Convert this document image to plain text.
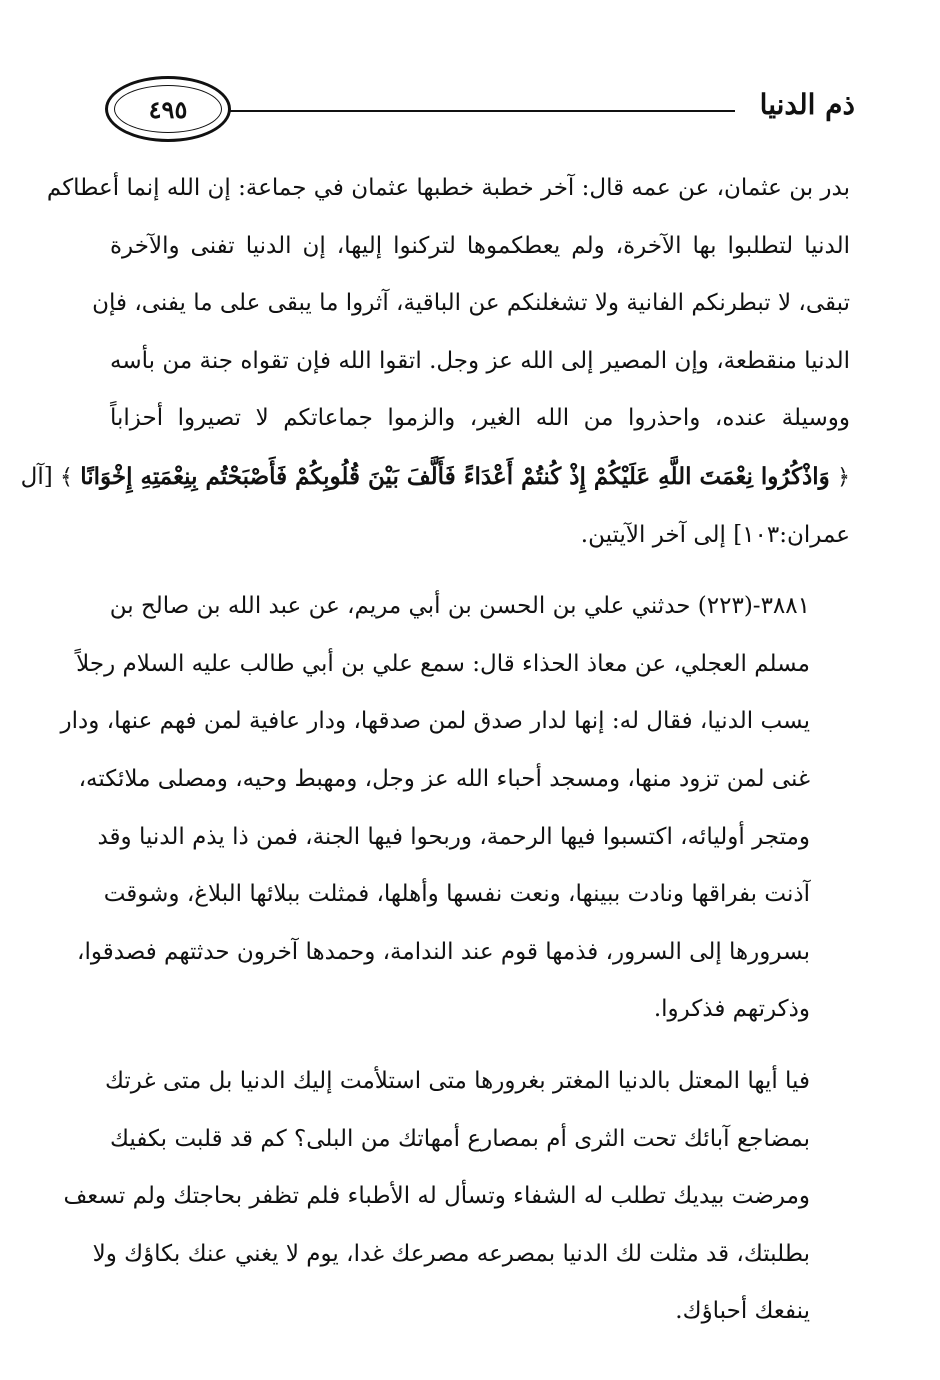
٤٩٥	ذم الدنيا

بدر بن عثمان، عن عمه قال: آخر خطبة خطبها عثمان في جماعة: إن الله إنما أعطاكم
الدنيا لتطلبوا بها الآخرة، ولم يعطكموها لتركنوا إليها، إن الدنيا تفنى والآخرة
تبقى، لا تبطرنكم الفانية ولا تشغلنكم عن الباقية، آثروا ما يبقى على ما يفنى، فإن
الدنيا منقطعة، وإن المصير إلى الله عز وجل. اتقوا الله فإن تقواه جنة من بأسه
ووسيلة عنده، واحذروا من الله الغير، والزموا جماعاتكم لا تصيروا أحزاباً
﴿ وَاذْكُرُوا نِعْمَتَ اللَّهِ عَلَيْكُمْ إِذْ كُنتُمْ أَعْدَاءً فَأَلَّفَ بَيْنَ قُلُوبِكُمْ فَأَصْبَحْتُم بِنِعْمَتِهِ إِخْوَانًا ﴾ [آل
عمران:١٠٣] إلى آخر الآيتين.

٣٨٨١-(٢٢٣) حدثني علي بن الحسن بن أبي مريم، عن عبد الله بن صالح بن
مسلم العجلي، عن معاذ الحذاء قال: سمع علي بن أبي طالب عليه السلام رجلاً
يسب الدنيا، فقال له: إنها لدار صدق لمن صدقها، ودار عافية لمن فهم عنها، ودار
غنى لمن تزود منها، ومسجد أحباء الله عز وجل، ومهبط وحيه، ومصلى ملائكته،
ومتجر أوليائه، اكتسبوا فيها الرحمة، وربحوا فيها الجنة، فمن ذا يذم الدنيا وقد
آذنت بفراقها ونادت ببينها، ونعت نفسها وأهلها، فمثلت ببلائها البلاغ، وشوقت
بسرورها إلى السرور، فذمها قوم عند الندامة، وحمدها آخرون حدثتهم فصدقوا،
وذكرتهم فذكروا.

فيا أيها المعتل بالدنيا المغتر بغرورها متى استلأمت إليك الدنيا بل متى غرتك
بمضاجع آبائك تحت الثرى أم بمصارع أمهاتك من البلى؟ كم قد قلبت بكفيك
ومرضت بيديك تطلب له الشفاء وتسأل له الأطباء فلم تظفر بحاجتك ولم تسعف
بطلبتك، قد مثلت لك الدنيا بمصرعه مصرعك غدا، يوم لا يغني عنك بكاؤك ولا
ينفعك أحباؤك.
